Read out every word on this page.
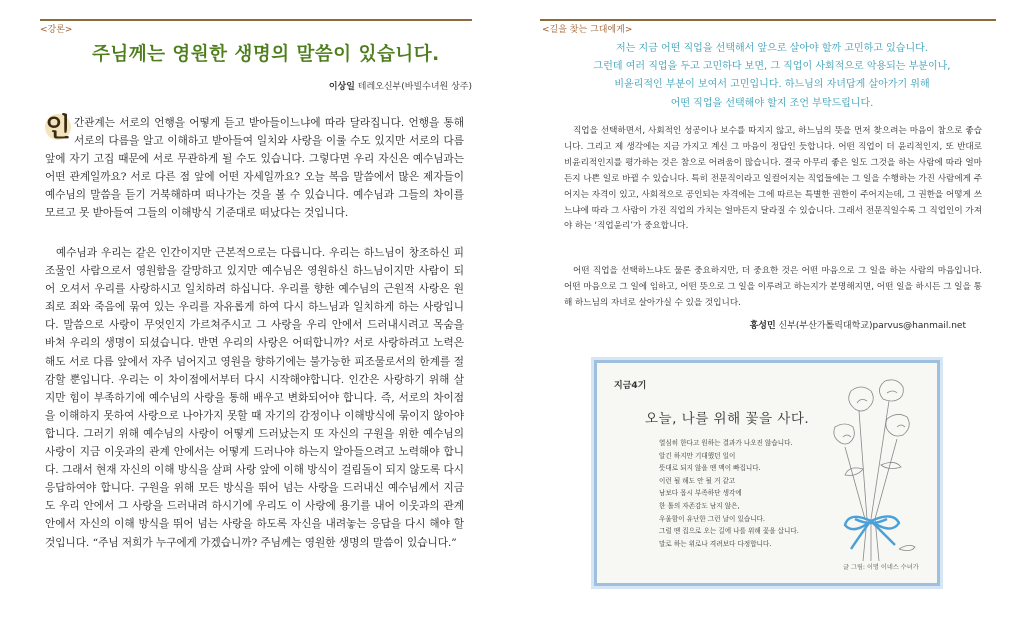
<강론>
주님께는 영원한 생명의 말씀이 있습니다.
이상일 테레오신부(바빌수녀원 상주)
인 간관계는 서로의 언행을 어떻게 듣고 받아들이느냐에 따라 달라집니다. 언행을 통해 서로의 다름을 알고 이해하고 받아들여 일치와 사랑을 이룰 수도 있지만 서로의 다름 앞에 자기 고집 때문에 서로 무관하게 될 수도 있습니다. 그렇다면 우리 자신은 예수님과는 어떤 관계일까요? 서로 다른 점 앞에 어떤 자세일까요? 오늘 복음 말씀에서 많은 제자들이 예수님의 말씀을 듣기 거북해하며 떠나가는 것을 볼 수 있습니다. 예수님과 그들의 차이를 모르고 못 받아들여 그들의 이해방식 기준대로 떠났다는 것입니다.
예수님과 우리는 같은 인간이지만 근본적으로는 다릅니다. 우리는 하느님이 창조하신 피조물인 사람으로서 영원함을 갈망하고 있지만 예수님은 영원하신 하느님이지만 사람이 되어 오셔서 우리를 사랑하시고 일치하려 하십니다. 우리를 향한 예수님의 근원적 사랑은 원죄로 죄와 죽음에 묶여 있는 우리를 자유롭게 하여 다시 하느님과 일치하게 하는 사랑입니다. 말씀으로 사랑이 무엇인지 가르쳐주시고 그 사랑을 우리 안에서 드러내시려고 목숨을 바쳐 우리의 생명이 되셨습니다. 반면 우리의 사랑은 어떠합니까? 서로 사랑하려고 노력은 해도 서로 다름 앞에서 자주 넘어지고 영원을 향하기에는 불가능한 피조물로서의 한계를 절감할 뿐입니다. 우리는 이 차이점에서부터 다시 시작해야합니다. 인간은 사랑하기 위해 살지만 힘이 부족하기에 예수님의 사랑을 통해 배우고 변화되어야 합니다. 즉, 서로의 차이점을 이해하지 못하여 사랑으로 나아가지 못할 때 자기의 감정이나 이해방식에 묶이지 않아야 합니다. 그러기 위해 예수님의 사랑이 어떻게 드러났는지 또 자신의 구원을 위한 예수님의 사랑이 지금 이웃과의 관계 안에서는 어떻게 드러나야 하는지 알아들으려고 노력해야 합니다. 그래서 현재 자신의 이해 방식을 살펴 사랑 앞에 이해 방식이 걸림돌이 되지 않도록 다시 응답하여야 합니다. 구원을 위해 모든 방식을 뛰어 넘는 사랑을 드러내신 예수님께서 지금도 우리 안에서 그 사랑을 드러내려 하시기에 우리도 이 사랑에 용기를 내어 이웃과의 관계 안에서 자신의 이해 방식을 뛰어 넘는 사랑을 하도록 자신을 내려놓는 응답을 다시 해야 할 것입니다. “주님 저희가 누구에게 가겠습니까? 주님께는 영원한 생명의 말씀이 있습니다.”
<길을 찾는 그대에게>
저는 지금 어떤 직업을 선택해서 앞으로 살아야 할까 고민하고 있습니다.
그런데 여러 직업을 두고 고민하다 보면, 그 직업이 사회적으로 악용되는 부분이나,
비윤리적인 부분이 보여서 고민입니다. 하느님의 자녀답게 살아가기 위해
어떤 직업을 선택해야 할지 조언 부탁드립니다.
직업을 선택하면서, 사회적인 성공이나 보수를 따지지 않고, 하느님의 뜻을 먼저 찾으려는 마음이 참으로 좋습니다. 그리고 제 생각에는 지금 가지고 계신 그 마음이 정답인 듯합니다. 어떤 직업이 더 윤리적인지, 또 반대로 비윤리적인지를 평가하는 것은 참으로 어려움이 많습니다. 결국 아무리 좋은 일도 그것을 하는 사람에 따라 얼마든지 나쁜 일로 바뀔 수 있습니다. 특히 전문직이라고 일컬어지는 직업들에는 그 일을 수행하는 가진 사람에게 주어지는 자격이 있고, 사회적으로 공인되는 자격에는 그에 따르는 특별한 권한이 주어지는데, 그 권한을 어떻게 쓰느냐에 따라 그 사람이 가진 직업의 가치는 얼마든지 달라질 수 있습니다. 그래서 전문직일수록 그 직업인이 가져야 하는 ‘직업윤리’가 중요합니다.
어떤 직업을 선택하느냐도 물론 중요하지만, 더 중요한 것은 어떤 마음으로 그 일을 하는 사람의 마음입니다. 어떤 마음으로 그 일에 임하고, 어떤 뜻으로 그 일을 이루려고 하는지가 분명해지면, 어떤 일을 하시든 그 일을 통해 하느님의 자녀로 살아가실 수 있을 것입니다.
홍성민 신부(부산가톨릭대학교)parvus@hanmail.net
지금4기
오늘, 나를 위해 꽃을 사다.
열심히 한다고 원하는 결과가 나오진 않습니다.
알긴 하지만 기대했던 일이
뜻대로 되지 않을 땐 맥이 빠집니다.
이런 될 해도 안 될 거 같고
남보다 몹시 부족하단 생각에
한 톨의 자존감도 남지 않은,
우울함이 유난한 그런 날이 있습니다.
그럴 땐 집으로 오는 길에 나를 위해 꽃을 삽니다.
말로 하는 위로나 격려보다 다정합니다.
글 그림: 이명 이네스 수녀가
